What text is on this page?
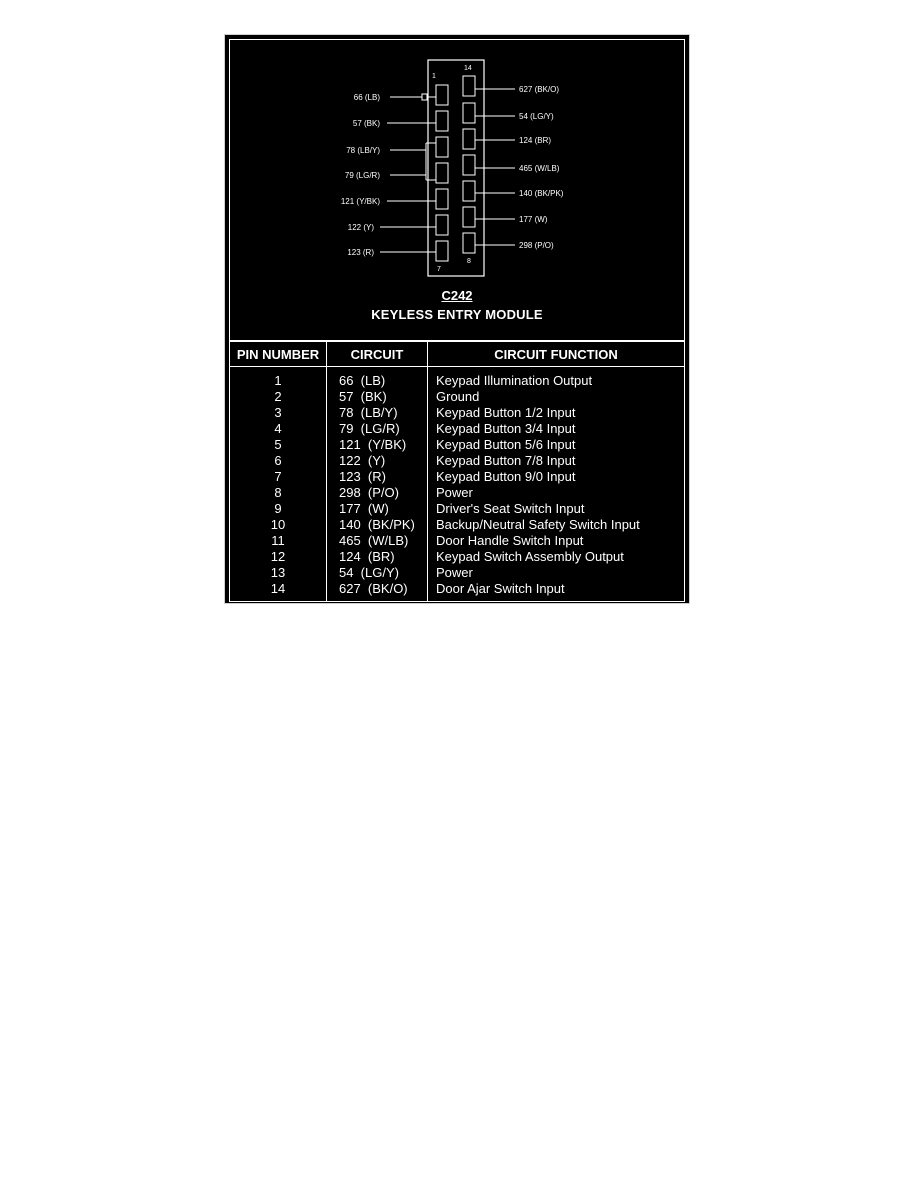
1
14
7
8
66 (LB)
57 (BK)
78 (LB/Y)
79 (LG/R)
121 (Y/BK)
122 (Y)
123 (R)
627 (BK/O)
54 (LG/Y)
124 (BR)
465 (W/LB)
140 (BK/PK)
177 (W)
298 (P/O)
C242
KEYLESS ENTRY MODULE
PIN NUMBER	CIRCUIT	CIRCUIT FUNCTION
1	66  (LB)	Keypad Illumination Output
2	57  (BK)	Ground
3	78  (LB/Y)	Keypad Button 1/2 Input
4	79  (LG/R)	Keypad Button 3/4 Input
5	121  (Y/BK)	Keypad Button 5/6 Input
6	122  (Y)	Keypad Button 7/8 Input
7	123  (R)	Keypad Button 9/0 Input
8	298  (P/O)	Power
9	177  (W)	Driver's Seat Switch Input
10	140  (BK/PK)	Backup/Neutral Safety Switch Input
11	465  (W/LB)	Door Handle Switch Input
12	124  (BR)	Keypad Switch Assembly Output
13	54  (LG/Y)	Power
14	627  (BK/O)	Door Ajar Switch Input
